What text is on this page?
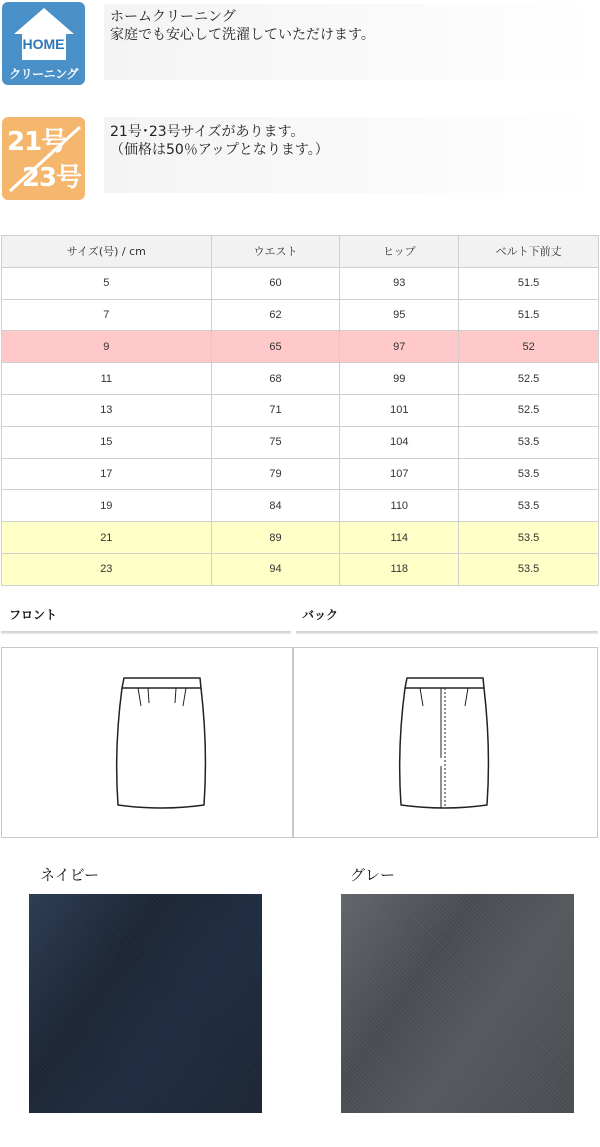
HOME
クリーニング
ホームクリーニング
家庭でも安心して洗濯していただけます。
21号
23号
21号･23号サイズがあります。
（価格は50％アップとなります。）
サイズ(号) / cm	ウエスト	ヒップ	ベルト下前丈
5	60	93	51.5
7	62	95	51.5
9	65	97	52
11	68	99	52.5
13	71	101	52.5
15	75	104	53.5
17	79	107	53.5
19	84	110	53.5
21	89	114	53.5
23	94	118	53.5
フロント	バック
ネイビー	グレー
